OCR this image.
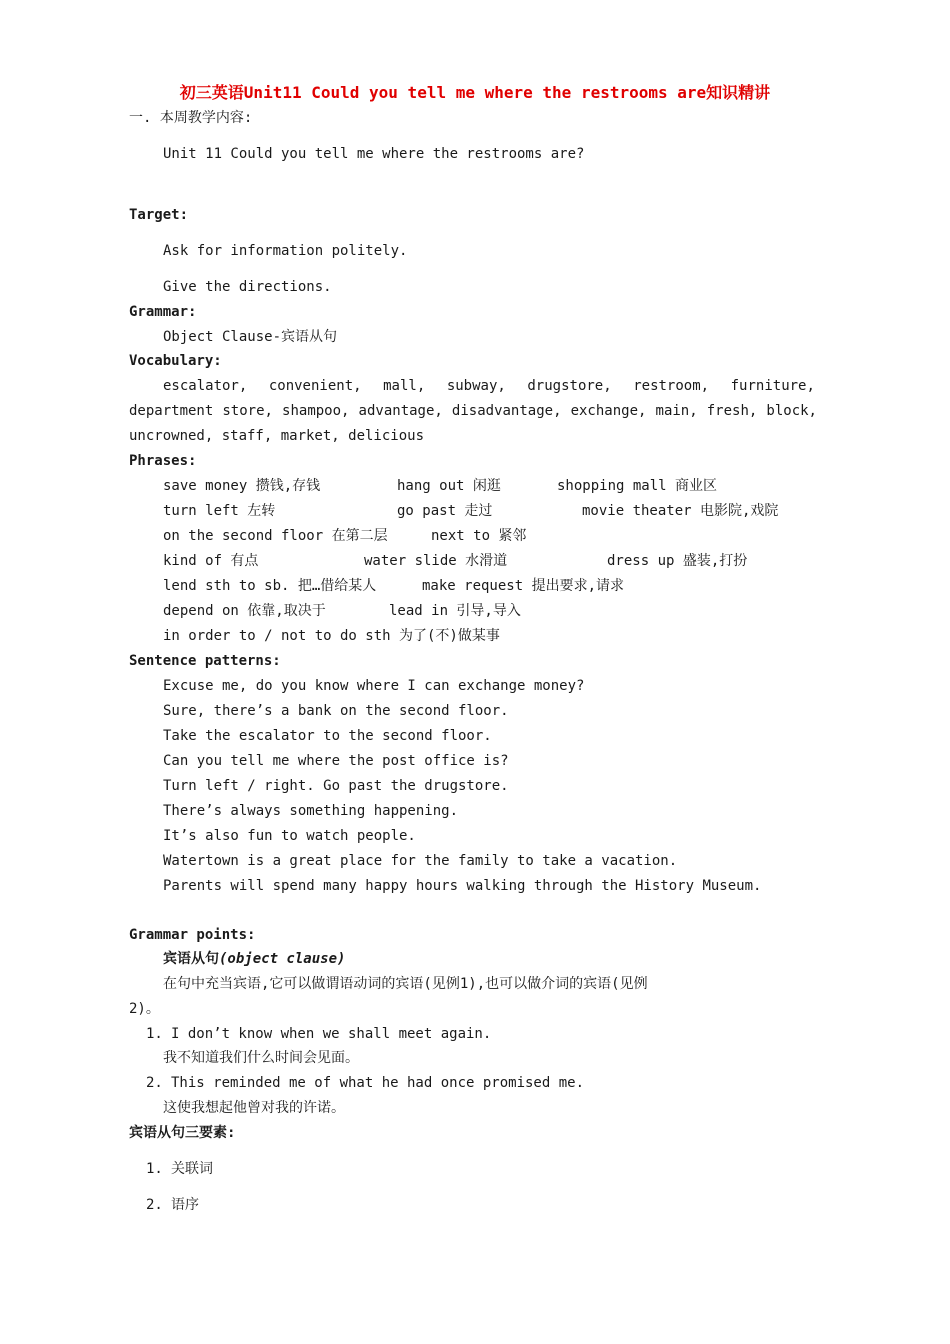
初三英语Unit11 Could you tell me where the restrooms are知识精讲
一. 本周教学内容:
Unit 11 Could you tell me where the restrooms are?
Target:
Ask for information politely.
Give the directions.
Grammar:
Object Clause-宾语从句
Vocabulary:
escalator, convenient, mall, subway, drugstore, restroom, furniture,
department store, shampoo, advantage, disadvantage, exchange, main, fresh, block,
uncrowned, staff, market, delicious
Phrases:
save money 攒钱,存钱	hang out 闲逛	shopping mall 商业区
turn left 左转	go past 走过	movie theater 电影院,戏院
on the second floor 在第二层	next to 紧邻
kind of 有点	water slide 水滑道	dress up 盛装,打扮
lend sth to sb. 把…借给某人	make request 提出要求,请求
depend on 依靠,取决于	lead in 引导,导入
in order to / not to do sth 为了(不)做某事
Sentence patterns:
Excuse me, do you know where I can exchange money?
Sure, there’s a bank on the second floor.
Take the escalator to the second floor.
Can you tell me where the post office is?
Turn left / right. Go past the drugstore.
There’s always something happening.
It’s also fun to watch people.
Watertown is a great place for the family to take a vacation.
Parents will spend many happy hours walking through the History Museum.
Grammar points:
宾语从句(object clause)
在句中充当宾语,它可以做谓语动词的宾语(见例1),也可以做介词的宾语(见例
2)。
1. I don’t know when we shall meet again.
我不知道我们什么时间会见面。
2. This reminded me of what he had once promised me.
这使我想起他曾对我的许诺。
宾语从句三要素:
1. 关联词
2. 语序
